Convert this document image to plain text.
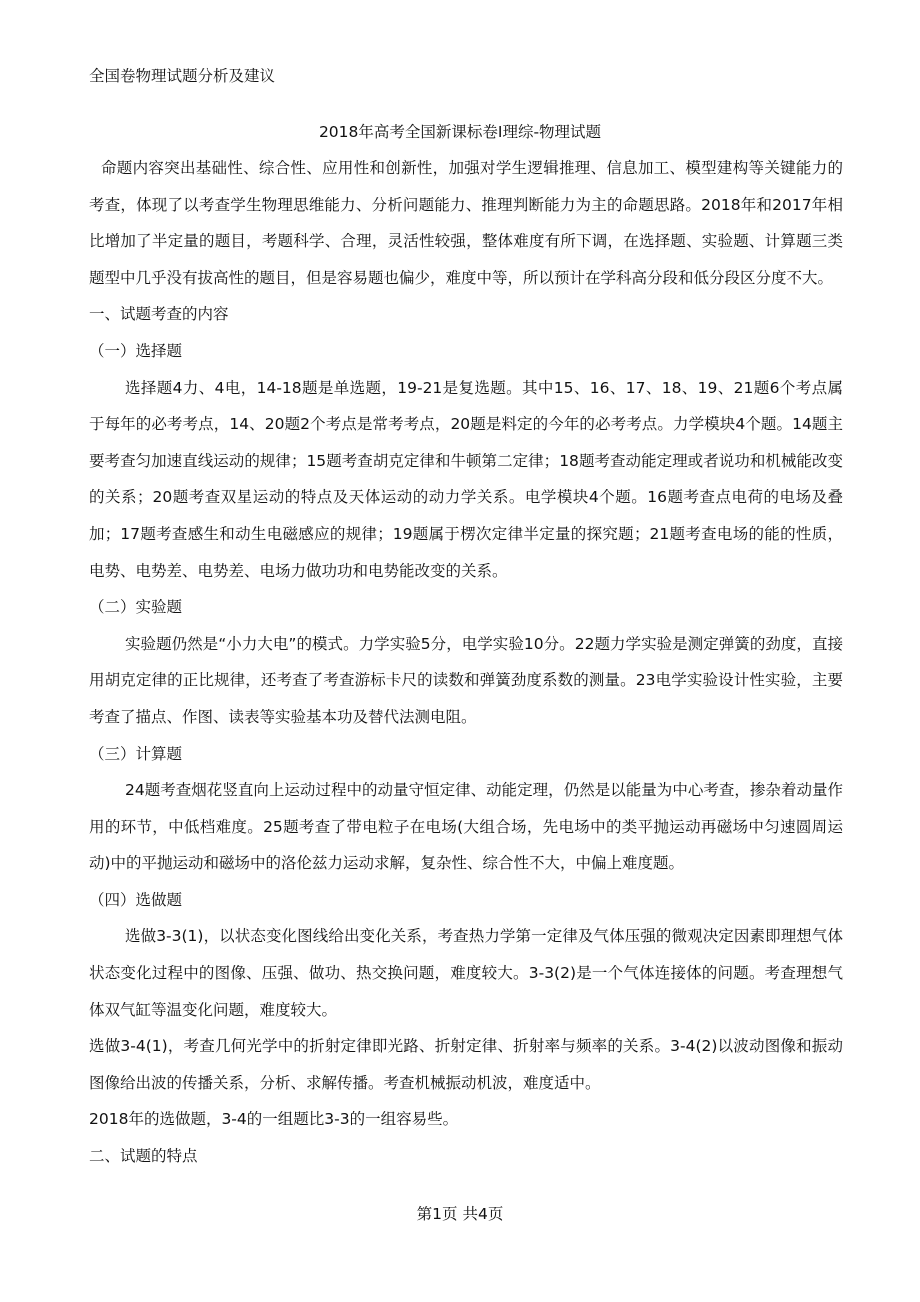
全国卷物理试题分析及建议
2018年高考全国新课标卷Ⅰ理综-物理试题

命题内容突出基础性、综合性、应用性和创新性，加强对学生逻辑推理、信息加工、模型建构等关键能力的考查，体现了以考查学生物理思维能力、分析问题能力、推理判断能力为主的命题思路。2018年和2017年相比增加了半定量的题目，考题科学、合理，灵活性较强，整体难度有所下调，在选择题、实验题、计算题三类题型中几乎没有拔高性的题目，但是容易题也偏少，难度中等，所以预计在学科高分段和低分段区分度不大。

一、试题考查的内容

（一）选择题

选择题4力、4电，14-18题是单选题，19-21是复选题。其中15、16、17、18、19、21题6个考点属于每年的必考考点，14、20题2个考点是常考考点，20题是料定的今年的必考考点。力学模块4个题。14题主要考查匀加速直线运动的规律；15题考查胡克定律和牛顿第二定律；18题考查动能定理或者说功和机械能改变的关系；20题考查双星运动的特点及天体运动的动力学关系。电学模块4个题。16题考查点电荷的电场及叠加；17题考查感生和动生电磁感应的规律；19题属于楞次定律半定量的探究题；21题考查电场的能的性质，电势、电势差、电势差、电场力做功功和电势能改变的关系。

（二）实验题

实验题仍然是“小力大电”的模式。力学实验5分，电学实验10分。22题力学实验是测定弹簧的劲度，直接用胡克定律的正比规律，还考查了考查游标卡尺的读数和弹簧劲度系数的测量。23电学实验设计性实验，主要考查了描点、作图、读表等实验基本功及替代法测电阻。

（三）计算题

24题考查烟花竖直向上运动过程中的动量守恒定律、动能定理，仍然是以能量为中心考查，掺杂着动量作用的环节，中低档难度。25题考查了带电粒子在电场(大组合场，先电场中的类平抛运动再磁场中匀速圆周运动)中的平抛运动和磁场中的洛伦兹力运动求解，复杂性、综合性不大，中偏上难度题。

（四）选做题

选做3-3(1)，以状态变化图线给出变化关系，考查热力学第一定律及气体压强的微观决定因素即理想气体状态变化过程中的图像、压强、做功、热交换问题，难度较大。3-3(2)是一个气体连接体的问题。考查理想气体双气缸等温变化问题，难度较大。

选做3-4(1)，考查几何光学中的折射定律即光路、折射定律、折射率与频率的关系。3-4(2)以波动图像和振动图像给出波的传播关系，分析、求解传播。考查机械振动机波，难度适中。

2018年的选做题，3-4的一组题比3-3的一组容易些。

二、试题的特点

第1页 共4页
